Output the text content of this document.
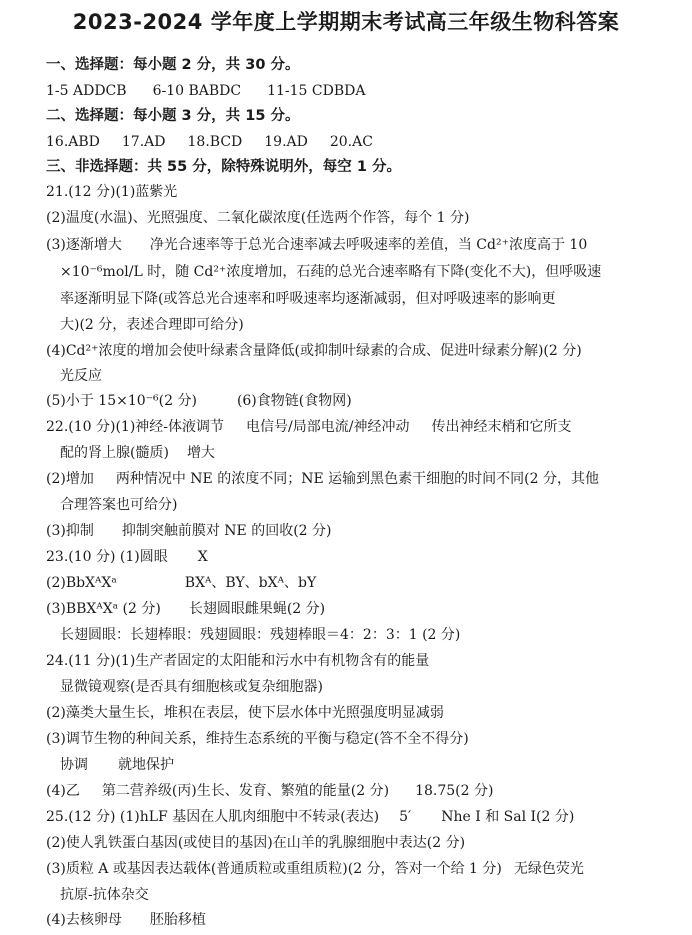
2023-2024 学年度上学期期末考试高三年级生物科答案
一、选择题：每小题 2 分，共 30 分。
1-5 ADDCB 6-10 BABDC 11-15 CDBDA
二、选择题：每小题 3 分，共 15 分。
16.ABD 17.AD 18.BCD 19.AD 20.AC
三、非选择题：共 55 分，除特殊说明外，每空 1 分。
21.(12 分)(1)蓝紫光
(2)温度(水温)、光照强度、二氧化碳浓度(任选两个作答，每个 1 分)
(3)逐渐增大 净光合速率等于总光合速率减去呼吸速率的差值，当 Cd²⁺浓度高于 10
×10⁻⁶mol/L 时，随 Cd²⁺浓度增加，石莼的总光合速率略有下降(变化不大)，但呼吸速
率逐渐明显下降(或答总光合速率和呼吸速率均逐渐减弱，但对呼吸速率的影响更
大)(2 分，表述合理即可给分)
(4)Cd²⁺浓度的增加会使叶绿素含量降低(或抑制叶绿素的合成、促进叶绿素分解)(2 分)
光反应
(5)小于 15×10⁻⁶(2 分)	(6)食物链(食物网)
22.(10 分)(1)神经-体液调节 电信号/局部电流/神经冲动 传出神经末梢和它所支
配的肾上腺(髓质) 增大
(2)增加 两种情况中 NE 的浓度不同；NE 运输到黑色素干细胞的时间不同(2 分，其他
合理答案也可给分)
(3)抑制 抑制突触前膜对 NE 的回收(2 分)
23.(10 分) (1)圆眼 X
(2)BbXᴬXᵃ	BXᴬ、BY、bXᴬ、bY
(3)BBXᴬXᵃ (2 分) 长翅圆眼雌果蝇(2 分)
长翅圆眼：长翅棒眼：残翅圆眼：残翅棒眼＝4：2：3：1 (2 分)
24.(11 分)(1)生产者固定的太阳能和污水中有机物含有的能量
显微镜观察(是否具有细胞核或复杂细胞器)
(2)藻类大量生长，堆积在表层，使下层水体中光照强度明显减弱
(3)调节生物的种间关系，维持生态系统的平衡与稳定(答不全不得分)
协调 就地保护
(4)乙 第二营养级(丙)生长、发育、繁殖的能量(2 分) 18.75(2 分)
25.(12 分) (1)hLF 基因在人肌肉细胞中不转录(表达) 5′ Nhe I 和 Sal I(2 分)
(2)使人乳铁蛋白基因(或使目的基因)在山羊的乳腺细胞中表达(2 分)
(3)质粒 A 或基因表达载体(普通质粒或重组质粒)(2 分，答对一个给 1 分) 无绿色荧光
抗原-抗体杂交
(4)去核卵母 胚胎移植
